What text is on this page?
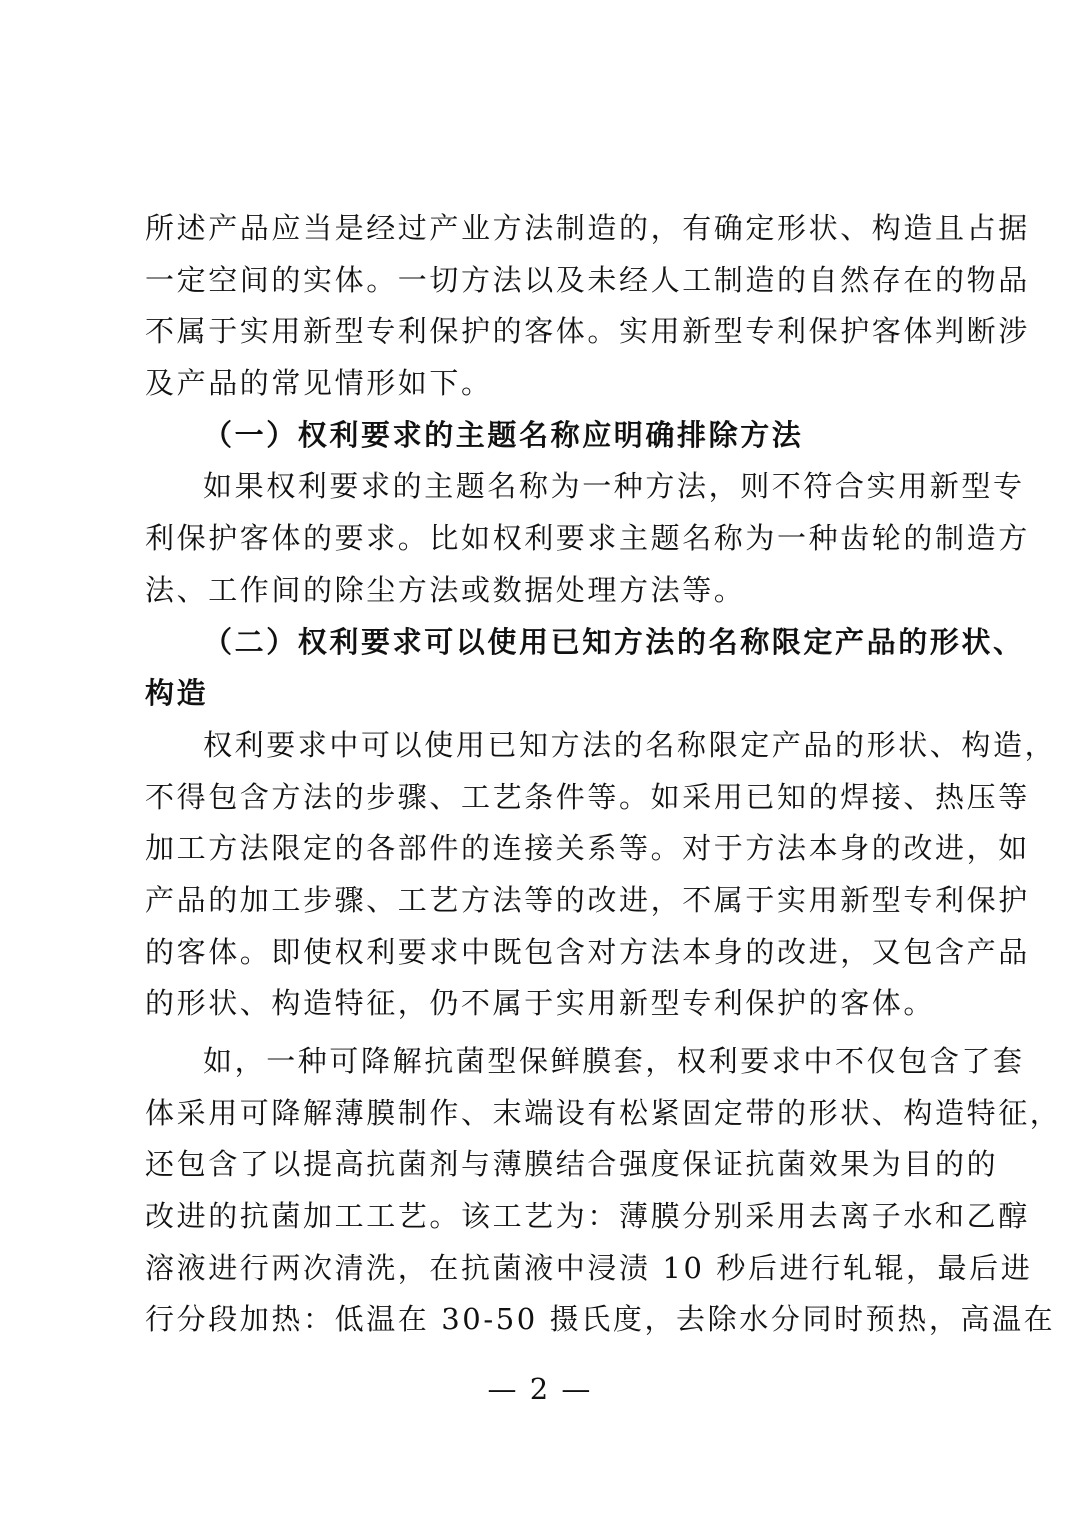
所述产品应当是经过产业方法制造的，有确定形状、构造且占据
一定空间的实体。一切方法以及未经人工制造的自然存在的物品
不属于实用新型专利保护的客体。实用新型专利保护客体判断涉
及产品的常见情形如下。
（一）权利要求的主题名称应明确排除方法
如果权利要求的主题名称为一种方法，则不符合实用新型专
利保护客体的要求。比如权利要求主题名称为一种齿轮的制造方
法、工作间的除尘方法或数据处理方法等。
（二）权利要求可以使用已知方法的名称限定产品的形状、
构造
权利要求中可以使用已知方法的名称限定产品的形状、构造，
不得包含方法的步骤、工艺条件等。如采用已知的焊接、热压等
加工方法限定的各部件的连接关系等。对于方法本身的改进，如
产品的加工步骤、工艺方法等的改进，不属于实用新型专利保护
的客体。即使权利要求中既包含对方法本身的改进，又包含产品
的形状、构造特征，仍不属于实用新型专利保护的客体。
如，一种可降解抗菌型保鲜膜套，权利要求中不仅包含了套
体采用可降解薄膜制作、末端设有松紧固定带的形状、构造特征，
还包含了以提高抗菌剂与薄膜结合强度保证抗菌效果为目的的
改进的抗菌加工工艺。该工艺为：薄膜分别采用去离子水和乙醇
溶液进行两次清洗，在抗菌液中浸渍 10 秒后进行轧辊，最后进
行分段加热：低温在 30-50 摄氏度，去除水分同时预热，高温在
— 2 —
